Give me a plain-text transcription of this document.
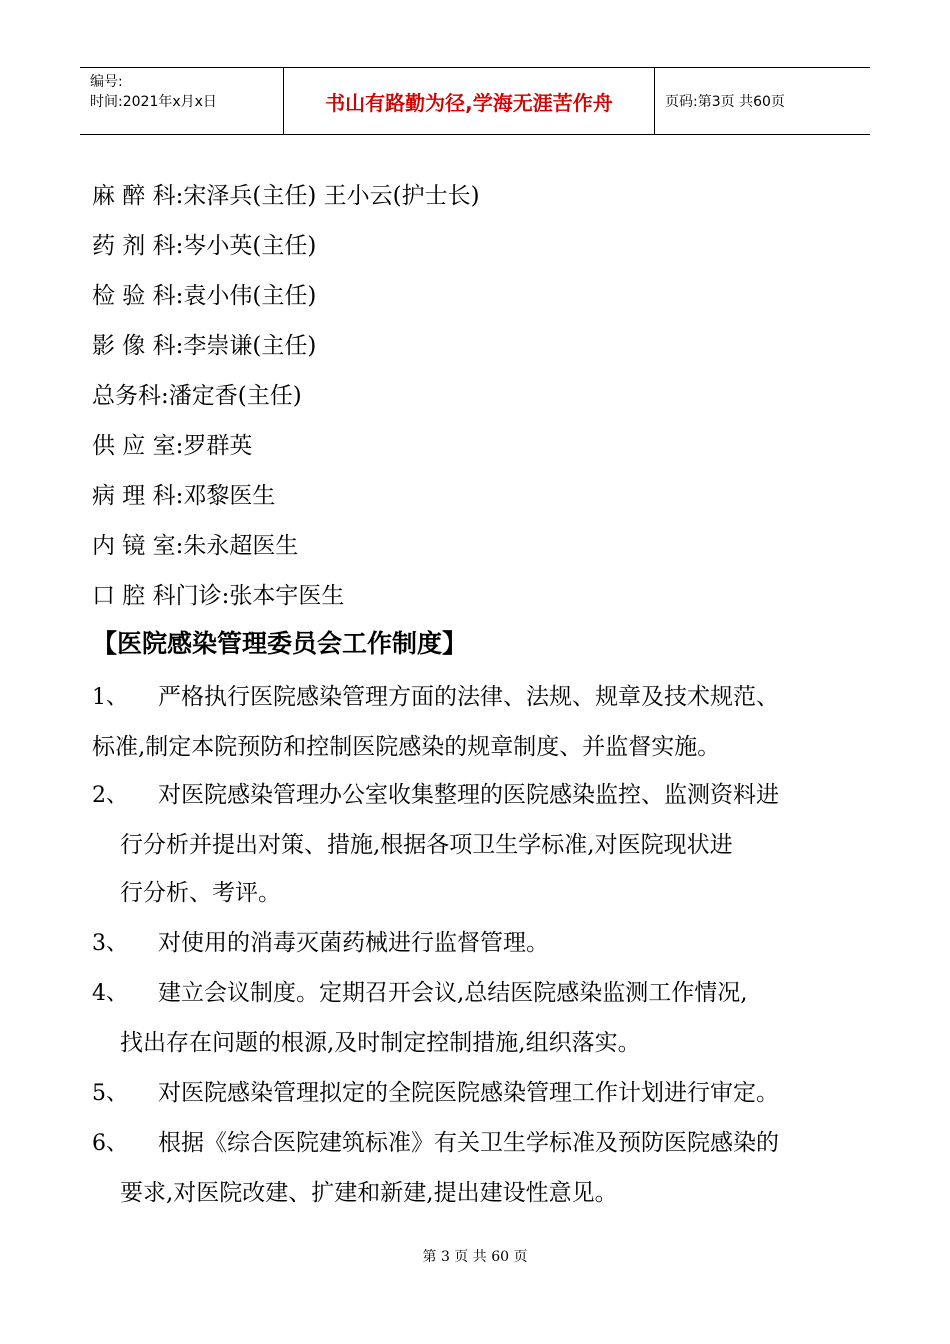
编号:
时间:2021年x月x日	书山有路勤为径,学海无涯苦作舟	页码:第3页 共60页
麻 醉 科:宋泽兵(主任) 王小云(护士长)
药 剂 科:岑小英(主任)
检 验 科:袁小伟(主任)
影 像 科:李崇谦(主任)
总务科:潘定香(主任)
供 应 室:罗群英
病 理 科:邓黎医生
内 镜 室:朱永超医生
口 腔 科门诊:张本宇医生
【医院感染管理委员会工作制度】
1、 严格执行医院感染管理方面的法律、法规、规章及技术规范、
标准,制定本院预防和控制医院感染的规章制度、并监督实施。
2、 对医院感染管理办公室收集整理的医院感染监控、监测资料进
行分析并提出对策、措施,根据各项卫生学标准,对医院现状进
行分析、考评。
3、 对使用的消毒灭菌药械进行监督管理。
4、 建立会议制度。定期召开会议,总结医院感染监测工作情况,
找出存在问题的根源,及时制定控制措施,组织落实。
5、 对医院感染管理拟定的全院医院感染管理工作计划进行审定。
6、 根据《综合医院建筑标准》有关卫生学标准及预防医院感染的
要求,对医院改建、扩建和新建,提出建设性意见。
第 3 页 共 60 页
